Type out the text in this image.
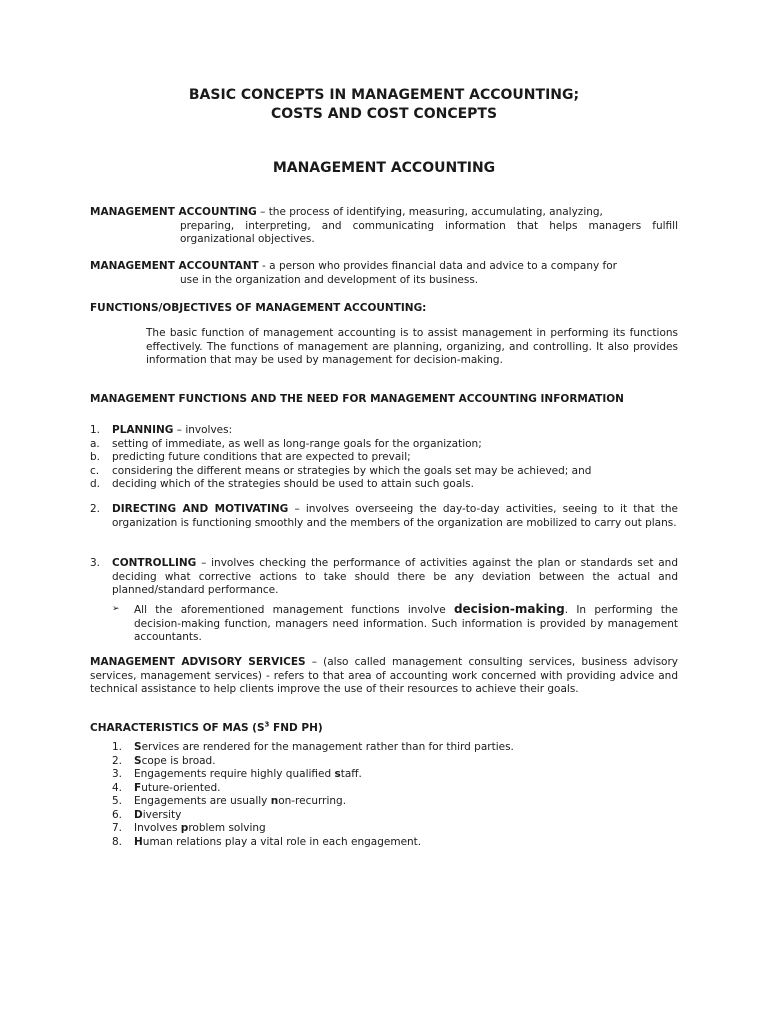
BASIC CONCEPTS IN MANAGEMENT ACCOUNTING;
COSTS AND COST CONCEPTS
MANAGEMENT ACCOUNTING
MANAGEMENT ACCOUNTING – the process of identifying, measuring, accumulating, analyzing,
preparing, interpreting, and communicating information that helps managers fulfill organizational objectives.
MANAGEMENT ACCOUNTANT - a person who provides financial data and advice to a company for
use in the organization and development of its business.
FUNCTIONS/OBJECTIVES OF MANAGEMENT ACCOUNTING:
The basic function of management accounting is to assist management in performing its functions effectively. The functions of management are planning, organizing, and controlling. It also provides information that may be used by management for decision-making.
MANAGEMENT FUNCTIONS AND THE NEED FOR MANAGEMENT ACCOUNTING INFORMATION
1. PLANNING – involves:
a. setting of immediate, as well as long-range goals for the organization;
b. predicting future conditions that are expected to prevail;
c. considering the different means or strategies by which the goals set may be achieved; and
d. deciding which of the strategies should be used to attain such goals.
2. DIRECTING AND MOTIVATING – involves overseeing the day-to-day activities, seeing to it that the organization is functioning smoothly and the members of the organization are mobilized to carry out plans.
3. CONTROLLING – involves checking the performance of activities against the plan or standards set and deciding what corrective actions to take should there be any deviation between the actual and planned/standard performance.
➢ All the aforementioned management functions involve decision-making. In performing the decision-making function, managers need information. Such information is provided by management accountants.
MANAGEMENT ADVISORY SERVICES – (also called management consulting services, business advisory services, management services) - refers to that area of accounting work concerned with providing advice and technical assistance to help clients improve the use of their resources to achieve their goals.
CHARACTERISTICS OF MAS ($S^3$ FND PH)
1. Services are rendered for the management rather than for third parties.
2. Scope is broad.
3. Engagements require highly qualified staff.
4. Future-oriented.
5. Engagements are usually non-recurring.
6. Diversity
7. Involves problem solving
8. Human relations play a vital role in each engagement.
